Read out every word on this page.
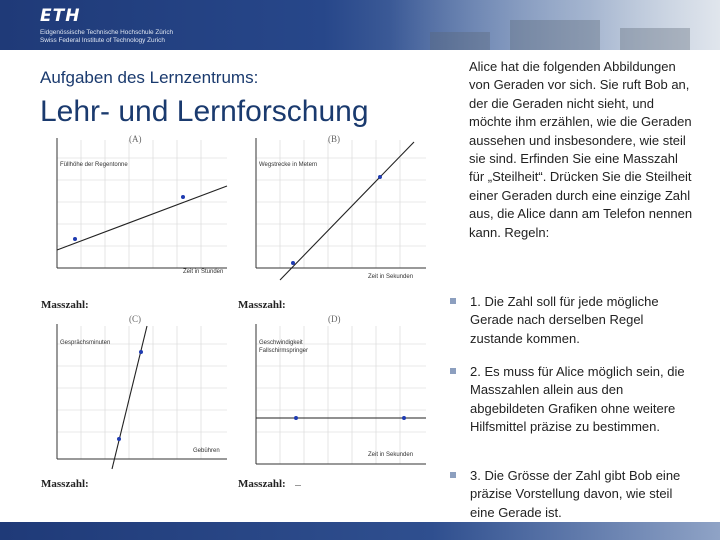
ETH
Eidgenössische Technische Hochschule Zürich
Swiss Federal Institute of Technology Zurich
Aufgaben des Lernzentrums:
Lehr- und Lernforschung
(A)
Füllhöhe der Regentonne
Zeit in Stunden
Masszahl:
(B)
Wegstrecke in Metern
Zeit in Sekunden
Masszahl:
(C)
Gesprächsminuten
Gebühren
Masszahl:
(D)
Geschwindigkeit
Fallschirmspringer
Zeit in Sekunden
Masszahl:
Alice hat die folgenden Abbildungen von Geraden vor sich. Sie ruft Bob an, der die Geraden nicht sieht, und möchte ihm erzählen, wie die Geraden aussehen und insbesondere, wie steil sie sind. Erfinden Sie eine Masszahl für „Steilheit“. Drücken Sie die Steilheit einer Geraden durch eine einzige Zahl aus, die Alice dann am Telefon nennen kann. Regeln:
1. Die Zahl soll für jede mögliche Gerade nach derselben Regel zustande kommen.
2. Es muss für Alice möglich sein, die Masszahlen allein aus den abgebildeten Grafiken ohne weitere Hilfsmittel präzise zu bestimmen.
3. Die Grösse der Zahl gibt Bob eine präzise Vorstellung davon, wie steil eine Gerade ist.
